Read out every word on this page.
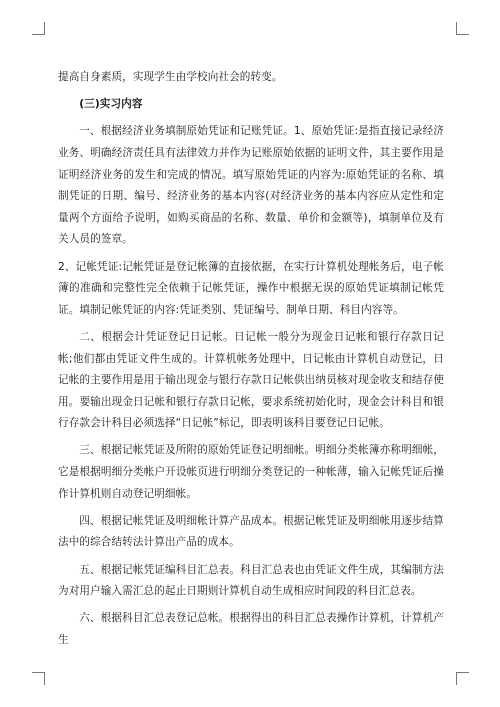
提高自身素质，实现学生由学校向社会的转变。

(三)实习内容

一、根据经济业务填制原始凭证和记账凭证。1、原始凭证:是指直接记录经济业务、明确经济责任具有法律效力并作为记账原始依据的证明文件，其主要作用是证明经济业务的发生和完成的情况。填写原始凭证的内容为:原始凭证的名称、填制凭证的日期、编号、经济业务的基本内容(对经济业务的基本内容应从定性和定量两个方面给予说明，如购买商品的名称、数量、单价和金额等)，填制单位及有关人员的签章。

2、记帐凭证:记帐凭证是登记帐簿的直接依据，在实行计算机处理帐务后，电子帐簿的准确和完整性完全依赖于记帐凭证，操作中根据无误的原始凭证填制记帐凭证。填制记帐凭证的内容:凭证类别、凭证编号、制单日期、科目内容等。

二、根据会计凭证登记日记帐。日记帐一般分为现金日记帐和银行存款日记帐;他们都由凭证文件生成的。计算机帐务处理中，日记帐由计算机自动登记，日记帐的主要作用是用于输出现金与银行存款日记帐供出纳员核对现金收支和结存使用。要输出现金日记帐和银行存款日记帐，要求系统初始化时，现金会计科目和银行存款会计科目必须选择“日记帐”标记，即表明该科目要登记日记帐。

三、根据记帐凭证及所附的原始凭证登记明细帐。明细分类帐簿亦称明细帐，它是根据明细分类帐户开设帐页进行明细分类登记的一种帐薄，输入记帐凭证后操作计算机则自动登记明细帐。

四、根据记帐凭证及明细帐计算产品成本。根据记帐凭证及明细帐用逐步结算法中的综合结转法计算出产品的成本。

五、根据记帐凭证编科目汇总表。科目汇总表也由凭证文件生成，其编制方法为对用户输入需汇总的起止日期则计算机自动生成相应时间段的科目汇总表。

六、根据科目汇总表登记总帐。根据得出的科目汇总表操作计算机，计算机产生
